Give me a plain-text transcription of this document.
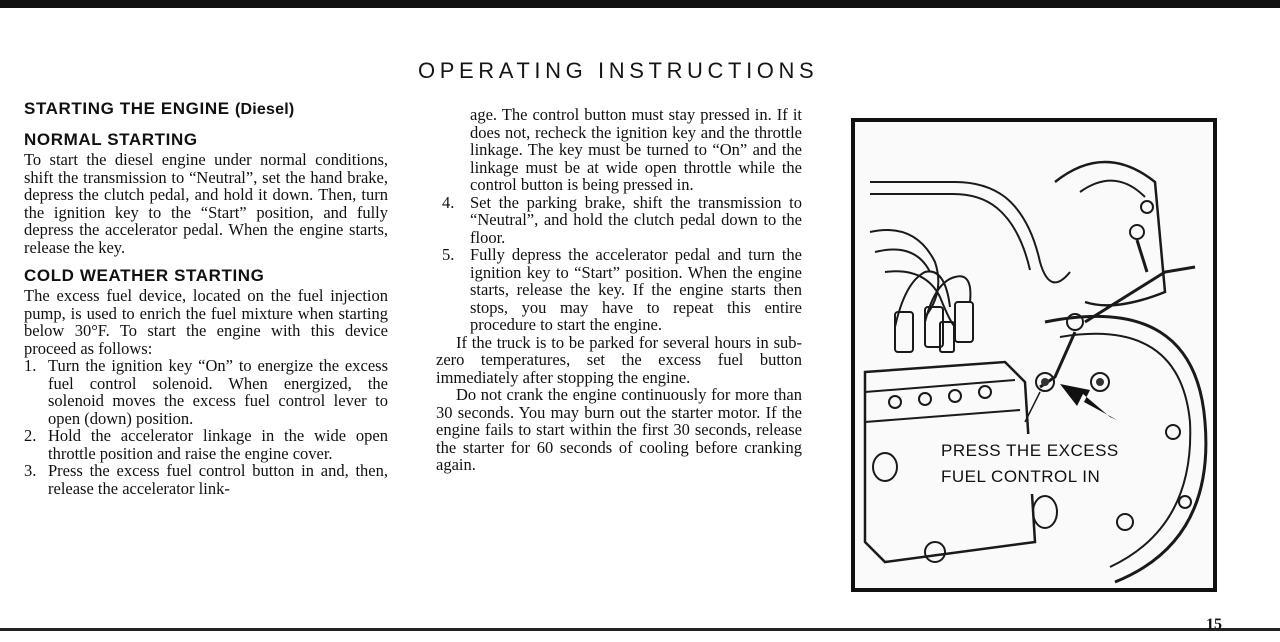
OPERATING INSTRUCTIONS
STARTING THE ENGINE (Diesel)
NORMAL STARTING

To start the diesel engine under normal conditions, shift the transmission to “Neutral”, set the hand brake, depress the clutch pedal, and hold it down. Then, turn the ignition key to the “Start” position, and fully depress the accelerator pedal. When the engine starts, release the key.

COLD WEATHER STARTING

The excess fuel device, located on the fuel injection pump, is used to enrich the fuel mixture when starting below 30°F. To start the engine with this device proceed as follows:

1. Turn the ignition key “On” to energize the excess fuel control solenoid. When energized, the solenoid moves the excess fuel control lever to open (down) position.
2. Hold the accelerator linkage in the wide open throttle position and raise the engine cover.
3. Press the excess fuel control button in and, then, release the accelerator link-
age. The control button must stay pressed in. If it does not, recheck the ignition key and the throttle linkage. The key must be turned to “On” and the linkage must be at wide open throttle while the control button is being pressed in.
4. Set the parking brake, shift the transmission to “Neutral”, and hold the clutch pedal down to the floor.
5. Fully depress the accelerator pedal and turn the ignition key to “Start” position. When the engine starts, release the key. If the engine starts then stops, you may have to repeat this entire procedure to start the engine.

If the truck is to be parked for several hours in sub-zero temperatures, set the excess fuel button immediately after stopping the engine.

Do not crank the engine continuously for more than 30 seconds. You may burn out the starter motor. If the engine fails to start within the first 30 seconds, release the starter for 60 seconds of cooling before cranking again.

PRESS THE EXCESS
FUEL CONTROL IN
15
